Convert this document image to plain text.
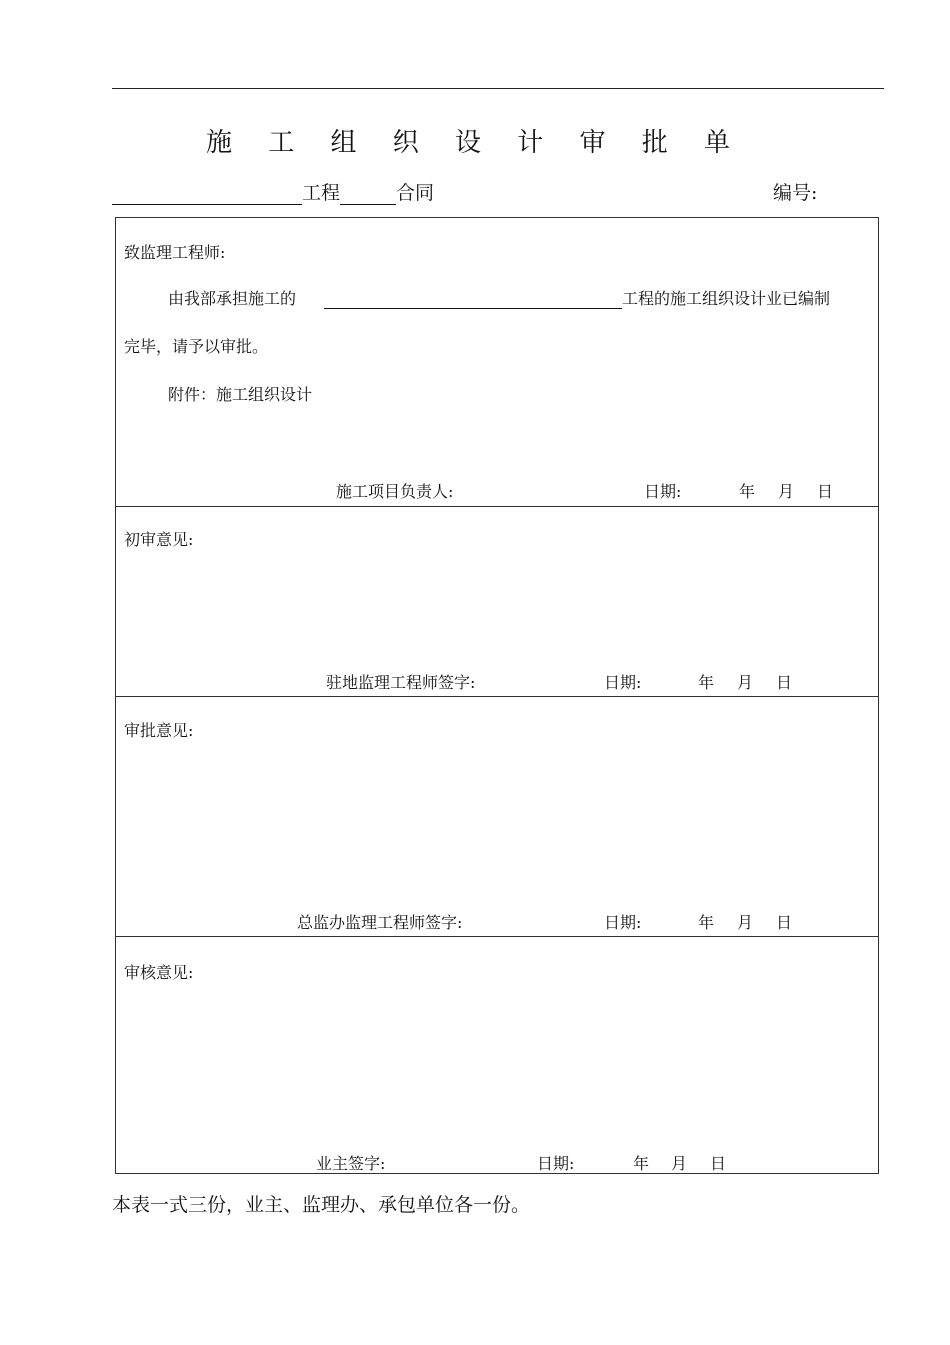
施 工 组 织 设 计 审 批 单
工程	合同	编号:
致监理工程师:
由我部承担施工的	工程的施工组织设计业已编制
完毕，请予以审批。
附件：施工组织设计
施工项目负责人:	日期:	年 月 日
初审意见:
驻地监理工程师签字:	日期:	年 月 日
审批意见:
总监办监理工程师签字:	日期:	年 月 日
审核意见:
业主签字:	日期:	年 月 日
本表一式三份，业主、监理办、承包单位各一份。
